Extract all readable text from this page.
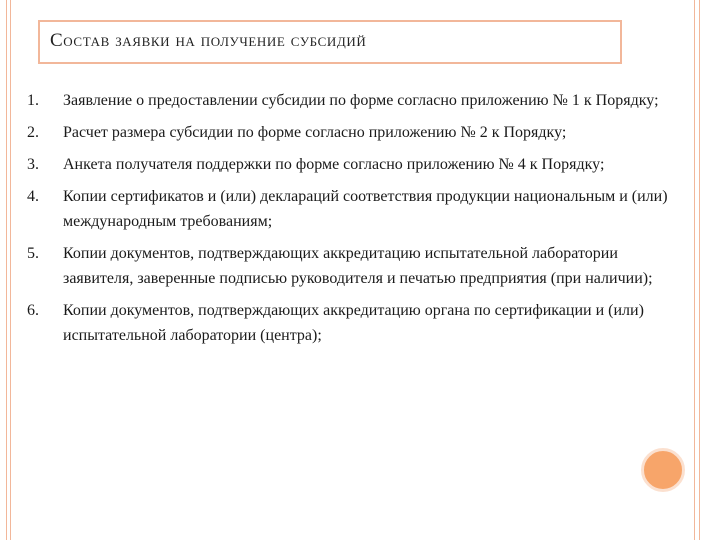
Состав заявки на получение субсидий
1.	Заявление о предоставлении субсидии по форме согласно приложению № 1 к Порядку;
2.	Расчет размера субсидии по форме согласно приложению № 2 к Порядку;
3.	Анкета получателя поддержки по форме согласно приложению № 4 к Порядку;
4.	Копии сертификатов и (или) деклараций соответствия продукции национальным и (или) международным требованиям;
5.	Копии документов, подтверждающих аккредитацию испытательной лаборатории заявителя, заверенные подписью руководителя и печатью предприятия (при наличии);
6.	Копии документов, подтверждающих аккредитацию органа по сертификации и (или) испытательной лаборатории (центра);
